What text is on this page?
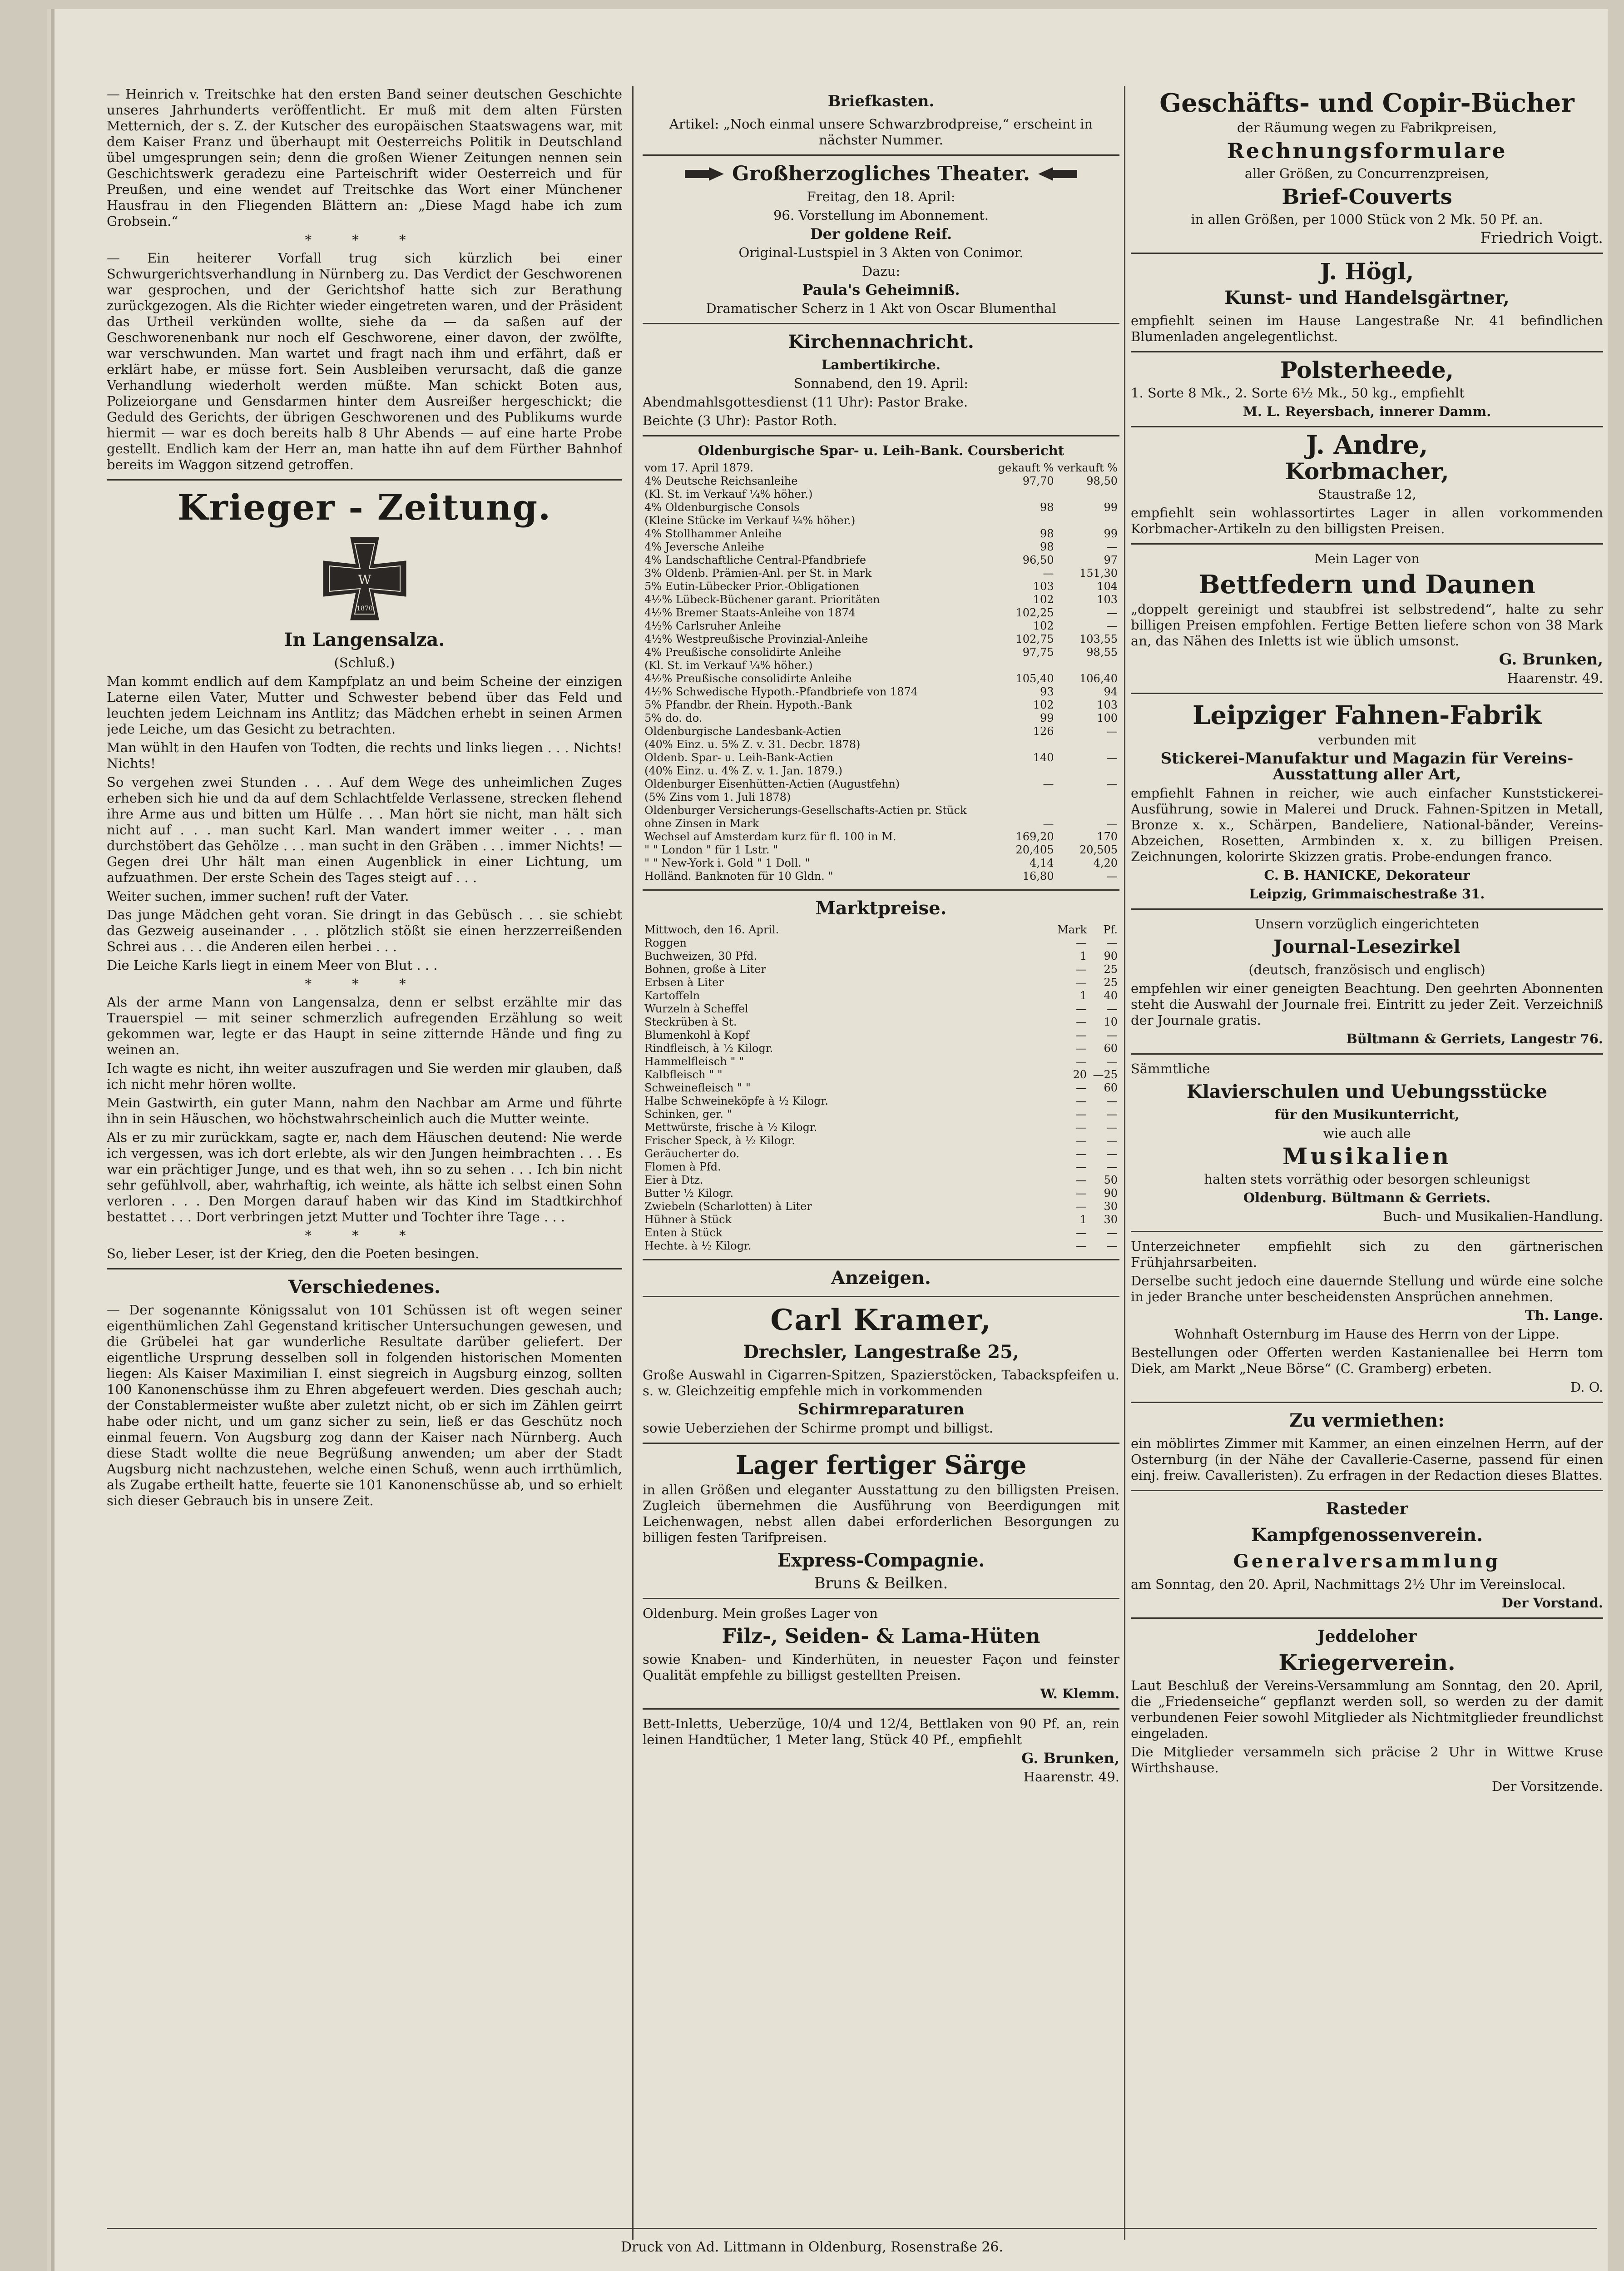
— Heinrich v. Treitschke hat den ersten Band seiner deutschen Geschichte unseres Jahrhunderts veröffentlicht. Er muß mit dem alten Fürsten Metternich, der s. Z. der Kutscher des europäischen Staatswagens war, mit dem Kaiser Franz und überhaupt mit Oesterreichs Politik in Deutschland übel umgesprungen sein; denn die großen Wiener Zeitungen nennen sein Geschichtswerk geradezu eine Parteischrift wider Oesterreich und für Preußen, und eine wendet auf Treitschke das Wort einer Münchener Hausfrau in den Fliegenden Blättern an: „Diese Magd habe ich zum Grobsein.“

* * *

— Ein heiterer Vorfall trug sich kürzlich bei einer Schwurgerichtsverhandlung in Nürnberg zu. Das Verdict der Geschworenen war gesprochen, und der Gerichtshof hatte sich zur Berathung zurückgezogen. Als die Richter wieder eingetreten waren, und der Präsident das Urtheil verkünden wollte, siehe da — da saßen auf der Geschworenenbank nur noch elf Geschworene, einer davon, der zwölfte, war verschwunden. Man wartet und fragt nach ihm und erfährt, daß er erklärt habe, er müsse fort. Sein Ausbleiben verursacht, daß die ganze Verhandlung wiederholt werden müßte. Man schickt Boten aus, Polizeiorgane und Gensdarmen hinter dem Ausreißer hergeschickt; die Geduld des Gerichts, der übrigen Geschworenen und des Publikums wurde hiermit — war es doch bereits halb 8 Uhr Abends — auf eine harte Probe gestellt. Endlich kam der Herr an, man hatte ihn auf dem Fürther Bahnhof bereits im Waggon sitzend getroffen.

Krieger - Zeitung.
W
1870
In Langensalza.

(Schluß.)

Man kommt endlich auf dem Kampfplatz an und beim Scheine der einzigen Laterne eilen Vater, Mutter und Schwester bebend über das Feld und leuchten jedem Leichnam ins Antlitz; das Mädchen erhebt in seinen Armen jede Leiche, um das Gesicht zu betrachten.

Man wühlt in den Haufen von Todten, die rechts und links liegen . . . Nichts! Nichts!

So vergehen zwei Stunden . . . Auf dem Wege des unheimlichen Zuges erheben sich hie und da auf dem Schlachtfelde Verlassene, strecken flehend ihre Arme aus und bitten um Hülfe . . . Man hört sie nicht, man hält sich nicht auf . . . man sucht Karl. Man wandert immer weiter . . . man durchstöbert das Gehölze . . . man sucht in den Gräben . . . immer Nichts! — Gegen drei Uhr hält man einen Augenblick in einer Lichtung, um aufzuathmen. Der erste Schein des Tages steigt auf . . .

Weiter suchen, immer suchen! ruft der Vater.

Das junge Mädchen geht voran. Sie dringt in das Gebüsch . . . sie schiebt das Gezweig auseinander . . . plötzlich stößt sie einen herzzerreißenden Schrei aus . . . die Anderen eilen herbei . . .

Die Leiche Karls liegt in einem Meer von Blut . . .

* * *

Als der arme Mann von Langensalza, denn er selbst erzählte mir das Trauerspiel — mit seiner schmerzlich aufregenden Erzählung so weit gekommen war, legte er das Haupt in seine zitternde Hände und fing zu weinen an.

Ich wagte es nicht, ihn weiter auszufragen und Sie werden mir glauben, daß ich nicht mehr hören wollte.

Mein Gastwirth, ein guter Mann, nahm den Nachbar am Arme und führte ihn in sein Häuschen, wo höchstwahrscheinlich auch die Mutter weinte.

Als er zu mir zurückkam, sagte er, nach dem Häuschen deutend: Nie werde ich vergessen, was ich dort erlebte, als wir den Jungen heimbrachten . . . Es war ein prächtiger Junge, und es that weh, ihn so zu sehen . . . Ich bin nicht sehr gefühlvoll, aber, wahrhaftig, ich weinte, als hätte ich selbst einen Sohn verloren . . . Den Morgen darauf haben wir das Kind im Stadtkirchhof bestattet . . . Dort verbringen jetzt Mutter und Tochter ihre Tage . . .

* * *

So, lieber Leser, ist der Krieg, den die Poeten besingen.

Verschiedenes.

— Der sogenannte Königssalut von 101 Schüssen ist oft wegen seiner eigenthümlichen Zahl Gegenstand kritischer Untersuchungen gewesen, und die Grübelei hat gar wunderliche Resultate darüber geliefert. Der eigentliche Ursprung desselben soll in folgenden historischen Momenten liegen: Als Kaiser Maximilian I. einst siegreich in Augsburg einzog, sollten 100 Kanonenschüsse ihm zu Ehren abgefeuert werden. Dies geschah auch; der Constablermeister wußte aber zuletzt nicht, ob er sich im Zählen geirrt habe oder nicht, und um ganz sicher zu sein, ließ er das Geschütz noch einmal feuern. Von Augsburg zog dann der Kaiser nach Nürnberg. Auch diese Stadt wollte die neue Begrüßung anwenden; um aber der Stadt Augsburg nicht nachzustehen, welche einen Schuß, wenn auch irrthümlich, als Zugabe ertheilt hatte, feuerte sie 101 Kanonenschüsse ab, und so erhielt sich dieser Gebrauch bis in unsere Zeit.

Briefkasten.

Artikel: „Noch einmal unsere Schwarzbrodpreise,“ erscheint in nächster Nummer.

Großherzogliches Theater.

Freitag, den 18. April:

96. Vorstellung im Abonnement.

Der goldene Reif.

Original-Lustspiel in 3 Akten von Conimor.

Dazu:

Paula's Geheimniß.

Dramatischer Scherz in 1 Akt von Oscar Blumenthal

Kirchennachricht.

Lambertikirche.

Sonnabend, den 19. April:

Abendmahlsgottesdienst (11 Uhr): Pastor Brake.

Beichte (3 Uhr): Pastor Roth.

Oldenburgische Spar- u. Leih-Bank. Coursbericht

vom 17. April 1879.	gekauft %	verkauft %
4% Deutsche Reichsanleihe	97,70	98,50
(Kl. St. im Verkauf ¼% höher.)		
4% Oldenburgische Consols	98	99
(Kleine Stücke im Verkauf ¼% höher.)		
4% Stollhammer Anleihe	98	99
4% Jeversche Anleihe	98	—
4% Landschaftliche Central-Pfandbriefe	96,50	97
3% Oldenb. Prämien-Anl. per St. in Mark	—	151,30
5% Eutin-Lübecker Prior.-Obligationen	103	104
4½% Lübeck-Büchener garant. Prioritäten	102	103
4½% Bremer Staats-Anleihe von 1874	102,25	—
4½% Carlsruher Anleihe	102	—
4½% Westpreußische Provinzial-Anleihe	102,75	103,55
4% Preußische consolidirte Anleihe	97,75	98,55
(Kl. St. im Verkauf ¼% höher.)		
4½% Preußische consolidirte Anleihe	105,40	106,40
4½% Schwedische Hypoth.-Pfandbriefe von 1874	93	94
5% Pfandbr. der Rhein. Hypoth.-Bank	102	103
5% do. do.	99	100
Oldenburgische Landesbank-Actien	126	—
(40% Einz. u. 5% Z. v. 31. Decbr. 1878)		
Oldenb. Spar- u. Leih-Bank-Actien	140	—
(40% Einz. u. 4% Z. v. 1. Jan. 1879.)		
Oldenburger Eisenhütten-Actien (Augustfehn)	—	—
(5% Zins vom 1. Juli 1878)		
Oldenburger Versicherungs-Gesellschafts-Actien pr. Stück		
ohne Zinsen in Mark	—	—
Wechsel auf Amsterdam kurz für fl. 100 in M.	169,20	170
" " London " für 1 Lstr. "	20,405	20,505
" " New-York i. Gold " 1 Doll. "	4,14	4,20
Holländ. Banknoten für 10 Gldn. "	16,80	—
Marktpreise.
Mittwoch, den 16. April.	Mark	Pf.
Roggen	—	—
Buchweizen, 30 Pfd.	1	90
Bohnen, große à Liter	—	25
Erbsen à Liter	—	25
Kartoffeln	1	40
Wurzeln à Scheffel	—	—
Steckrüben à St.	—	10
Blumenkohl à Kopf	—	—
Rindfleisch, à ½ Kilogr.	—	60
Hammelfleisch " "	—	—
Kalbfleisch " "	20	—25
Schweinefleisch " "	—	60
Halbe Schweineköpfe à ½ Kilogr.	—	—
Schinken, ger. "	—	—
Mettwürste, frische à ½ Kilogr.	—	—
Frischer Speck, à ½ Kilogr.	—	—
Geräucherter do.	—	—
Flomen à Pfd.	—	—
Eier à Dtz.	—	50
Butter ½ Kilogr.	—	90
Zwiebeln (Scharlotten) à Liter	—	30
Hühner à Stück	1	30
Enten à Stück	—	—
Hechte. à ½ Kilogr.	—	—
Anzeigen.
Carl Kramer,
Drechsler, Langestraße 25,

Große Auswahl in Cigarren-Spitzen, Spazierstöcken, Tabackspfeifen u. s. w. Gleichzeitig empfehle mich in vorkommenden

Schirmreparaturen

sowie Ueberziehen der Schirme prompt und billigst.

Lager fertiger Särge

in allen Größen und eleganter Ausstattung zu den billigsten Preisen. Zugleich übernehmen die Ausführung von Beerdigungen mit Leichenwagen, nebst allen dabei erforderlichen Besorgungen zu billigen festen Tarifpreisen.

Express-Compagnie.

Bruns & Beilken.

Oldenburg. Mein großes Lager von

Filz-, Seiden- & Lama-Hüten

sowie Knaben- und Kinderhüten, in neuester Façon und feinster Qualität empfehle zu billigst gestellten Preisen.

W. Klemm.

Bett-Inletts, Ueberzüge, 10/4 und 12/4, Bettlaken von 90 Pf. an, rein leinen Handtücher, 1 Meter lang, Stück 40 Pf., empfiehlt

G. Brunken,

Haarenstr. 49.

Geschäfts- und Copir-Bücher

der Räumung wegen zu Fabrikpreisen,

Rechnungsformulare

aller Größen, zu Concurrenzpreisen,

Brief-Couverts

in allen Größen, per 1000 Stück von 2 Mk. 50 Pf. an.

Friedrich Voigt.

J. Högl,
Kunst- und Handelsgärtner,

empfiehlt seinen im Hause Langestraße Nr. 41 befindlichen Blumenladen angelegentlichst.

Polsterheede,

1. Sorte 8 Mk., 2. Sorte 6½ Mk., 50 kg., empfiehlt

M. L. Reyersbach, innerer Damm.

J. Andre,
Korbmacher,

Staustraße 12,

empfiehlt sein wohlassortirtes Lager in allen vorkommenden Korbmacher-Artikeln zu den billigsten Preisen.

Mein Lager von

Bettfedern und Daunen

„doppelt gereinigt und staubfrei ist selbstredend“, halte zu sehr billigen Preisen empfohlen. Fertige Betten liefere schon von 38 Mark an, das Nähen des Inletts ist wie üblich umsonst.

G. Brunken,

Haarenstr. 49.

Leipziger Fahnen-Fabrik

verbunden mit

Stickerei-Manufaktur und Magazin für Vereins-Ausstattung aller Art,

empfiehlt Fahnen in reicher, wie auch einfacher Kunststickerei-Ausführung, sowie in Malerei und Druck. Fahnen-Spitzen in Metall, Bronze x. x., Schärpen, Bandeliere, National-bänder, Vereins-Abzeichen, Rosetten, Armbinden x. x. zu billigen Preisen. Zeichnungen, kolorirte Skizzen gratis. Probe-endungen franco.

C. B. HANICKE, Dekorateur

Leipzig, Grimmaischestraße 31.

Unsern vorzüglich eingerichteten

Journal-Lesezirkel

(deutsch, französisch und englisch)

empfehlen wir einer geneigten Beachtung. Den geehrten Abonnenten steht die Auswahl der Journale frei. Eintritt zu jeder Zeit. Verzeichniß der Journale gratis.

Bültmann & Gerriets, Langestr 76.

Sämmtliche

Klavierschulen und Uebungsstücke

für den Musikunterricht,

wie auch alle

Musikalien

halten stets vorräthig oder besorgen schleunigst

Oldenburg. Bültmann & Gerriets.

Buch- und Musikalien-Handlung.

Unterzeichneter empfiehlt sich zu den gärtnerischen Frühjahrsarbeiten.

Derselbe sucht jedoch eine dauernde Stellung und würde eine solche in jeder Branche unter bescheidensten Ansprüchen annehmen.

Th. Lange.

Wohnhaft Osternburg im Hause des Herrn von der Lippe.

Bestellungen oder Offerten werden Kastanienallee bei Herrn tom Diek, am Markt „Neue Börse“ (C. Gramberg) erbeten.

D. O.

Zu vermiethen:

ein möblirtes Zimmer mit Kammer, an einen einzelnen Herrn, auf der Osternburg (in der Nähe der Cavallerie-Caserne, passend für einen einj. freiw. Cavalleristen). Zu erfragen in der Redaction dieses Blattes.

Rasteder
Kampfgenossenverein.
Generalversammlung

am Sonntag, den 20. April, Nachmittags 2½ Uhr im Vereinslocal.

Der Vorstand.

Jeddeloher
Kriegerverein.

Laut Beschluß der Vereins-Versammlung am Sonntag, den 20. April, die „Friedenseiche“ gepflanzt werden soll, so werden zu der damit verbundenen Feier sowohl Mitglieder als Nichtmitglieder freundlichst eingeladen.

Die Mitglieder versammeln sich präcise 2 Uhr in Wittwe Kruse Wirthshause.

Der Vorsitzende.

Druck von Ad. Littmann in Oldenburg, Rosenstraße 26.
